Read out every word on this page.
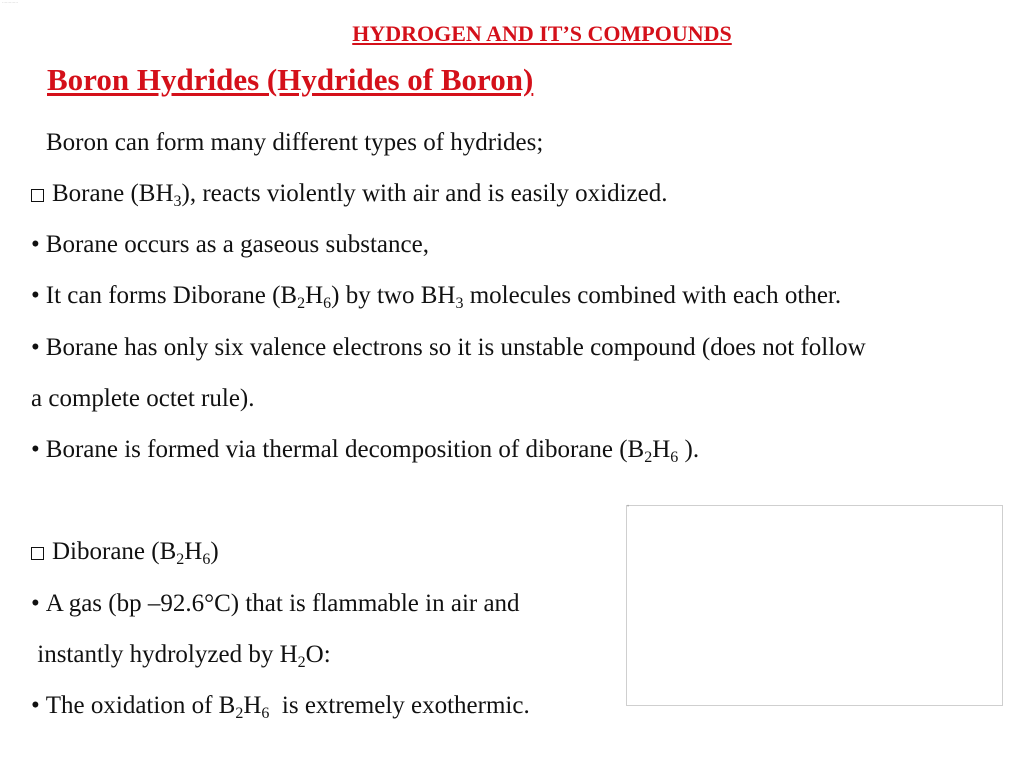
············
HYDROGEN AND IT’S COMPOUNDS
Boron Hydrides (Hydrides of Boron)
Boron can form many different types of hydrides;
Borane $(BH_3)$, reacts violently with air and is easily oxidized.
• Borane occurs as a gaseous substance,
• It can forms Diborane $(B_2H_6)$ by two $BH_3$ molecules combined with each other.
• Borane has only six valence electrons so it is unstable compound (does not follow
a complete octet rule).
• Borane is formed via thermal decomposition of diborane ($B_2H_6$ ).
Diborane $(B_2H_6)$
• A gas (bp –92.6°C) that is flammable in air and
instantly hydrolyzed by $H_2O$:
• The oxidation of $B_2H_6$  is extremely exothermic.
•
